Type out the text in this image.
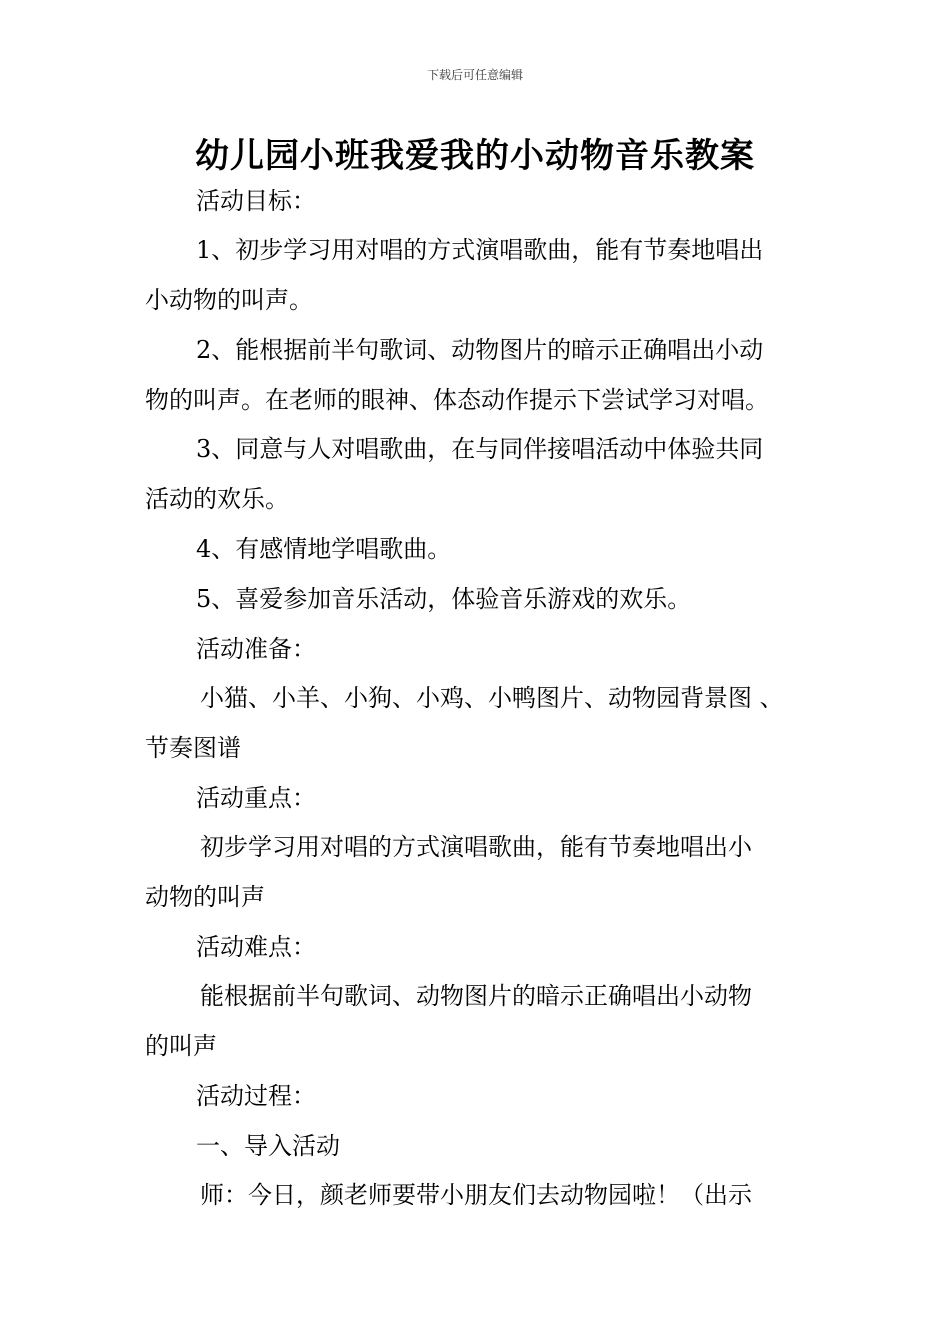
下载后可任意编辑
幼儿园小班我爱我的小动物音乐教案
活动目标：
1、初步学习用对唱的方式演唱歌曲，能有节奏地唱出
小动物的叫声。
2、能根据前半句歌词、动物图片的暗示正确唱出小动
物的叫声。在老师的眼神、体态动作提示下尝试学习对唱。
3、同意与人对唱歌曲，在与同伴接唱活动中体验共同
活动的欢乐。
4、有感情地学唱歌曲。
5、喜爱参加音乐活动，体验音乐游戏的欢乐。
活动准备：
小猫、小羊、小狗、小鸡、小鸭图片、动物园背景图 、
节奏图谱
活动重点：
初步学习用对唱的方式演唱歌曲，能有节奏地唱出小
动物的叫声
活动难点：
能根据前半句歌词、动物图片的暗示正确唱出小动物
的叫声
活动过程：
一、导入活动
师：今日，颜老师要带小朋友们去动物园啦！（出示
